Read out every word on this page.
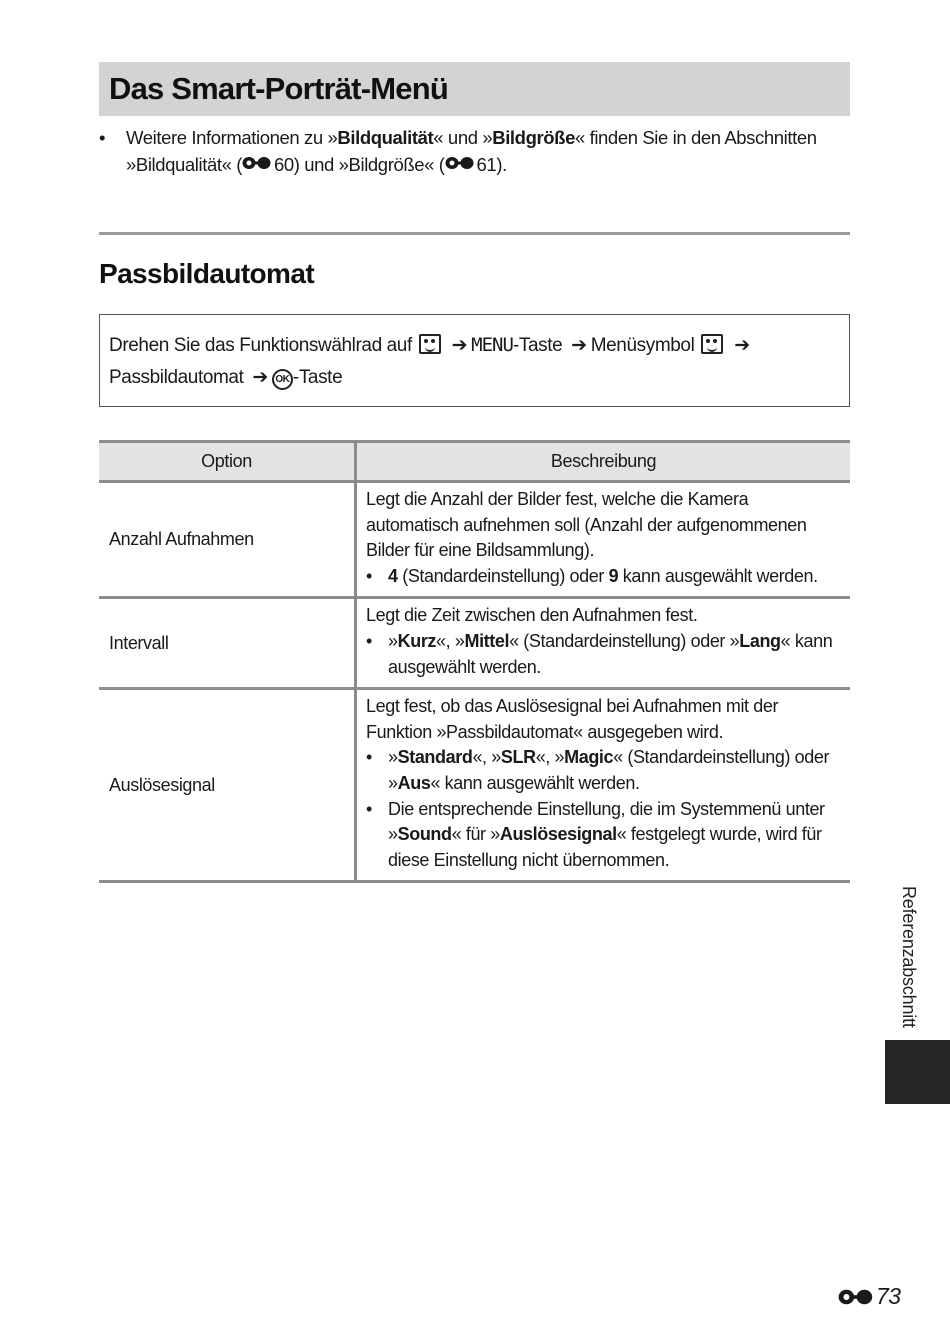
Das Smart-Porträt-Menü
•	Weitere Informationen zu »Bildqualität« und »Bildgröße« finden Sie in den Abschnitten »Bildqualität« ( 60) und »Bildgröße« ( 61).
Passbildautomat
Drehen Sie das Funktionswählrad auf ➔ MENU-Taste ➔ Menüsymbol ➔
Passbildautomat ➔ OK -Taste
Option	Beschreibung
Anzahl Aufnahmen	Legt die Anzahl der Bilder fest, welche die Kamera automatisch aufnehmen soll (Anzahl der aufgenommenen Bilder für eine Bildsammlung).
• 4 (Standardeinstellung) oder 9 kann ausgewählt werden.

Intervall	Legt die Zeit zwischen den Aufnahmen fest.
• »Kurz«, »Mittel« (Standardeinstellung) oder »Lang« kann ausgewählt werden.

Auslösesignal	Legt fest, ob das Auslösesignal bei Aufnahmen mit der Funktion »Passbildautomat« ausgegeben wird.
• »Standard«, »SLR«, »Magic« (Standardeinstellung) oder »Aus« kann ausgewählt werden.
• Die entsprechende Einstellung, die im Systemmenü unter »Sound« für »Auslösesignal« festgelegt wurde, wird für diese Einstellung nicht übernommen.
Referenzabschnitt
73
